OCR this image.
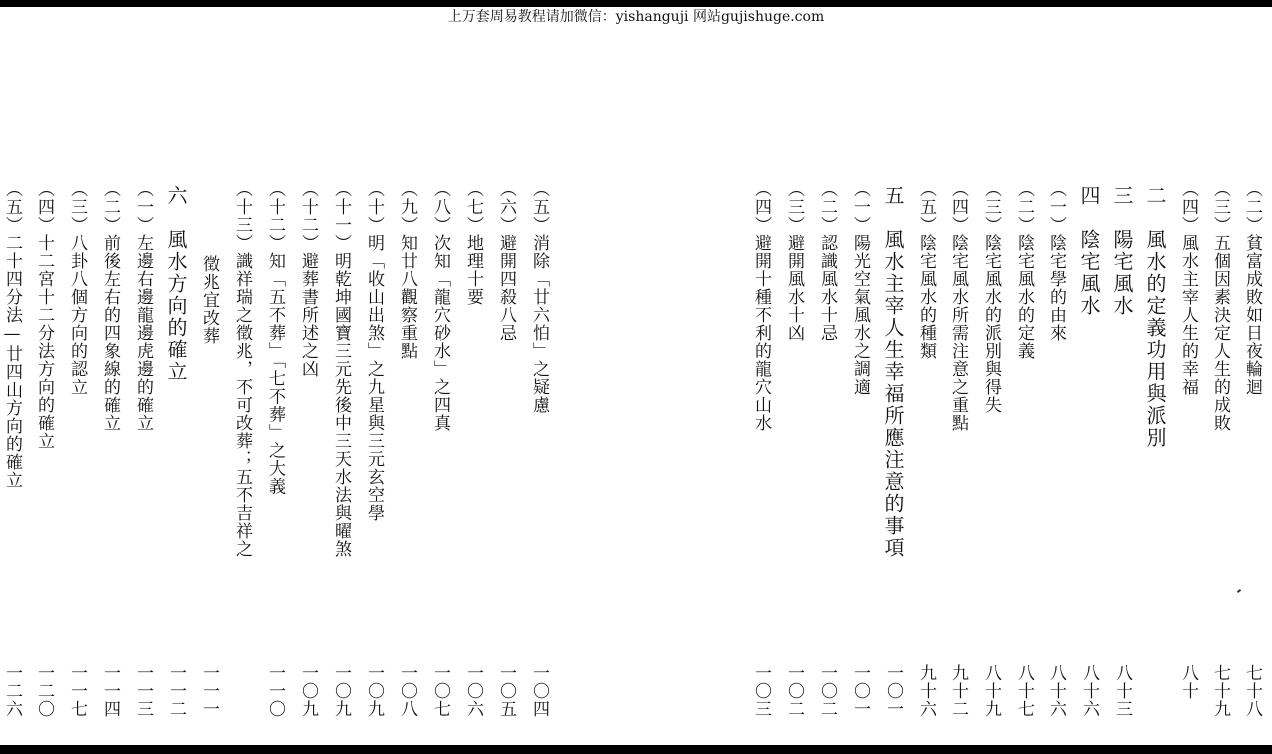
上万套周易教程请加微信：yishanguji 网站gujishuge.com
（二）貧富成敗如日夜輪迴
七十八
（三）五個因素決定人生的成敗
七十九
（四）風水主宰人生的幸福
八十
二　風水的定義功用與派別
三　陽宅風水
八十三
四　陰宅風水
八十六
（一）陰宅學的由來
八十六
（二）陰宅風水的定義
八十七
（三）陰宅風水的派別與得失
八十九
（四）陰宅風水所需注意之重點
九十二
（五）陰宅風水的種類
九十六
五　風水主宰人生幸福所應注意的事項
一〇一
（一）陽光空氣風水之調適
一〇一
（二）認識風水十忌
一〇二
（三）避開風水十凶
一〇二
（四）避開十種不利的龍穴山水
一〇三
（五）消除「廿六怕」之疑慮
一〇四
（六）避開四殺八忌
一〇五
（七）地理十要
一〇六
（八）次知「龍穴砂水」之四真
一〇七
（九）知廿八觀察重點
一〇八
（十）明「收山出煞」之九星與三元玄空學
一〇九
（十一）明乾坤國寶三元先後中三天水法與曜煞
一〇九
（十二）避葬書所述之凶
一〇九
（十二）知「五不葬」「七不葬」之大義
一一〇
（十三）識祥瑞之徵兆，不可改葬；五不吉祥之
徵兆宜改葬
一一一
六　風水方向的確立
一一二
（一）左邊右邊龍邊虎邊的確立
一一三
（二）前後左右的四象線的確立
一一四
（三）八卦八個方向的認立
一一七
（四）十二宮十二分法方向的確立
一二〇
（五）二十四分法—廿四山方向的確立
一二六
